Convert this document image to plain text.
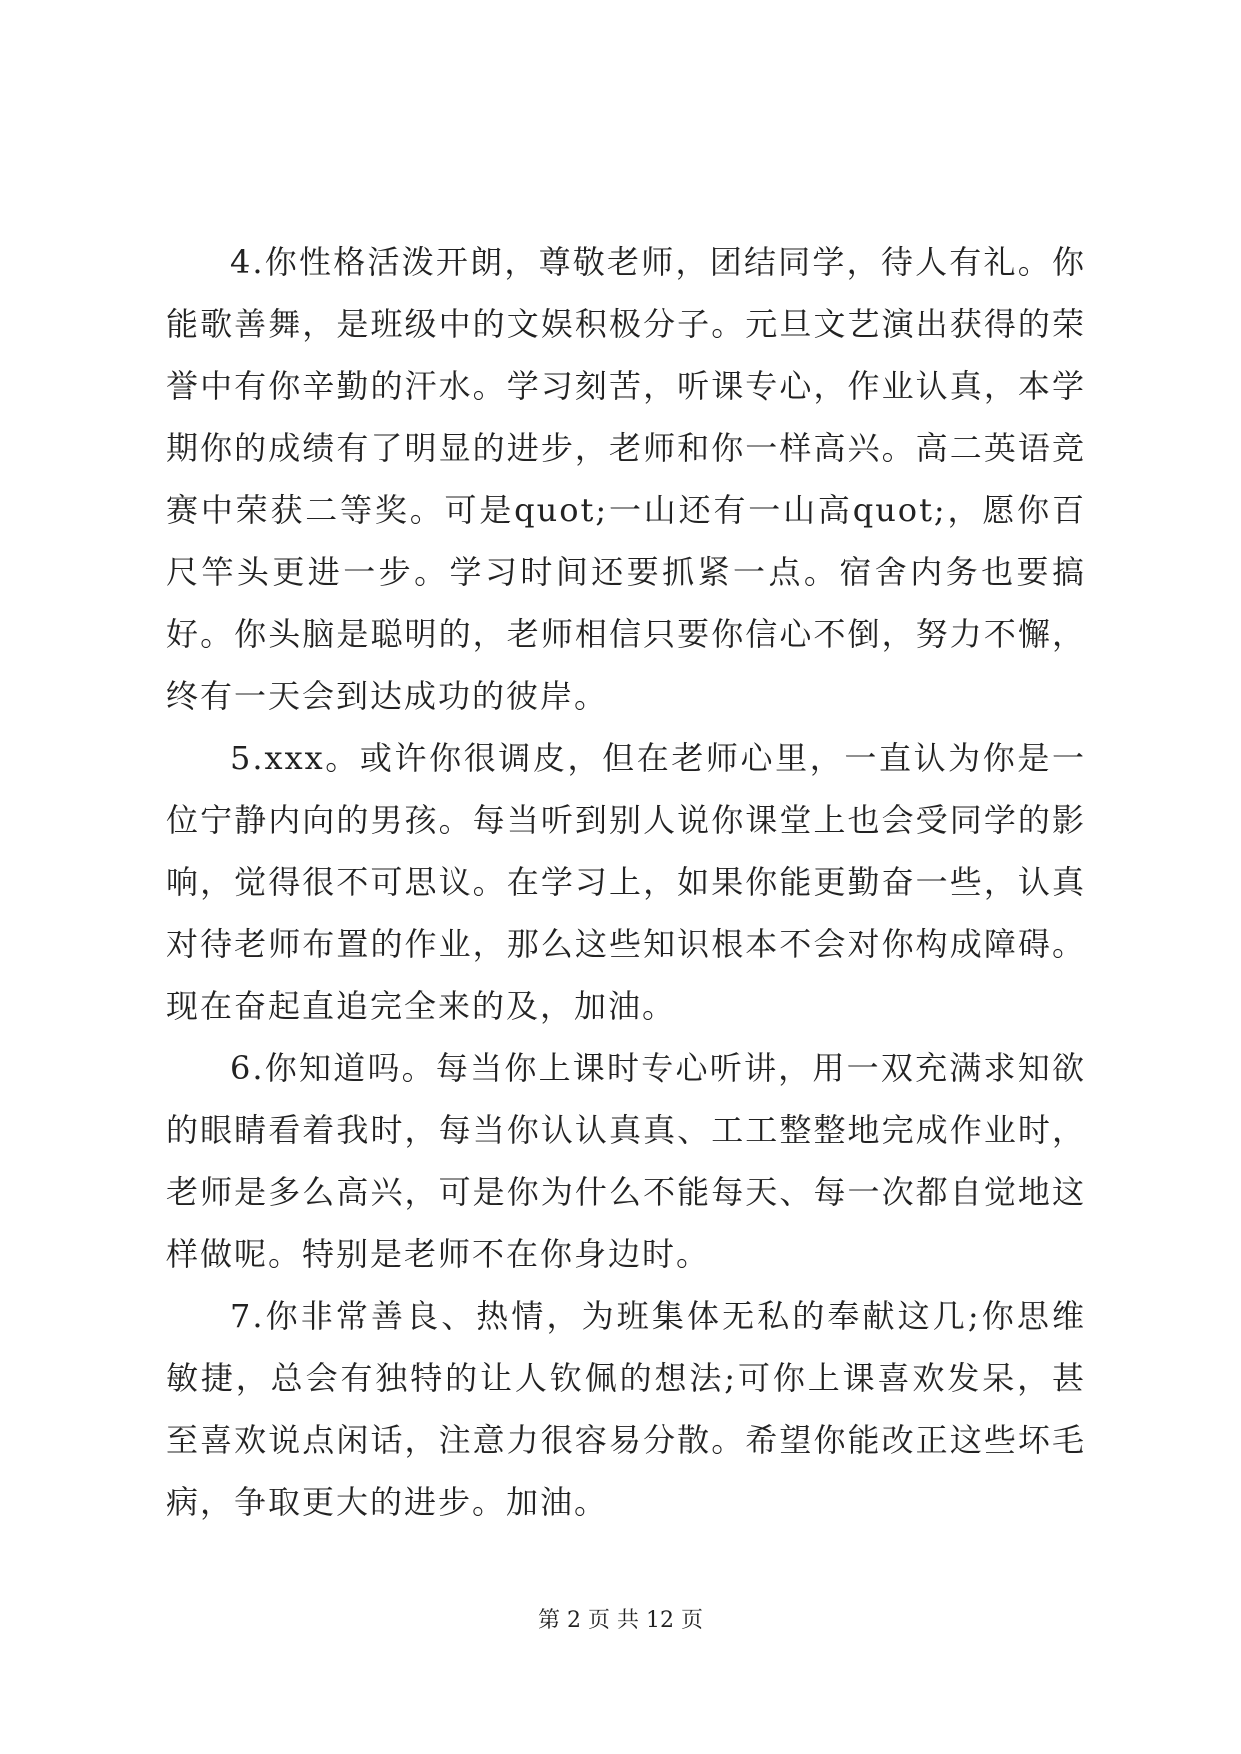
4.你性格活泼开朗，尊敬老师，团结同学，待人有礼。你能歌善舞，是班级中的文娱积极分子。元旦文艺演出获得的荣誉中有你辛勤的汗水。学习刻苦，听课专心，作业认真，本学期你的成绩有了明显的进步，老师和你一样高兴。高二英语竞赛中荣获二等奖。可是quot;一山还有一山高quot;，愿你百尺竿头更进一步。学习时间还要抓紧一点。宿舍内务也要搞好。你头脑是聪明的，老师相信只要你信心不倒，努力不懈，终有一天会到达成功的彼岸。

5.xxx。或许你很调皮，但在老师心里，一直认为你是一位宁静内向的男孩。每当听到别人说你课堂上也会受同学的影响，觉得很不可思议。在学习上，如果你能更勤奋一些，认真对待老师布置的作业，那么这些知识根本不会对你构成障碍。现在奋起直追完全来的及，加油。

6.你知道吗。每当你上课时专心听讲，用一双充满求知欲的眼睛看着我时，每当你认认真真、工工整整地完成作业时，老师是多么高兴，可是你为什么不能每天、每一次都自觉地这样做呢。特别是老师不在你身边时。

7.你非常善良、热情，为班集体无私的奉献这几;你思维敏捷，总会有独特的让人钦佩的想法;可你上课喜欢发呆，甚至喜欢说点闲话，注意力很容易分散。希望你能改正这些坏毛病，争取更大的进步。加油。

第 2 页 共 12 页
